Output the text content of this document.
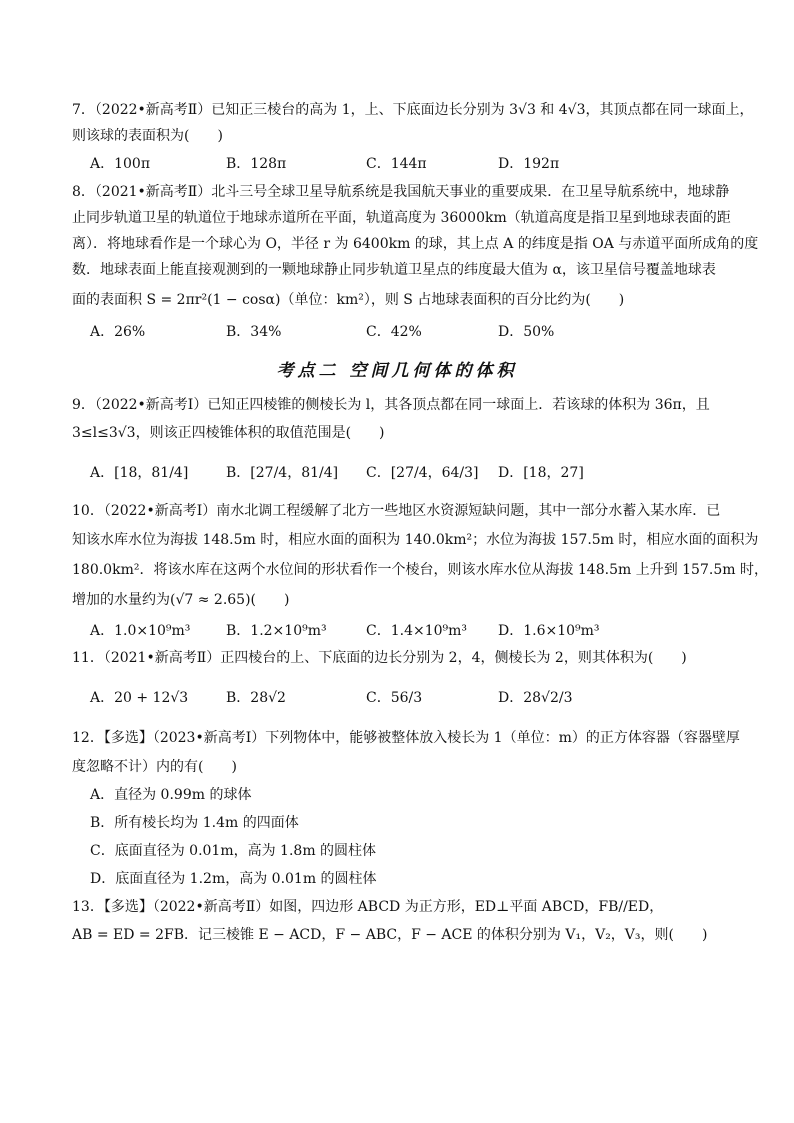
7．（2022•新高考Ⅱ）已知正三棱台的高为 1，上、下底面边长分别为 3√3 和 4√3，其顶点都在同一球面上，
则该球的表面积为(　　)
A．100π	B．128π	C．144π	D．192π
8．（2021•新高考Ⅱ）北斗三号全球卫星导航系统是我国航天事业的重要成果．在卫星导航系统中，地球静
止同步轨道卫星的轨道位于地球赤道所在平面，轨道高度为 36000km（轨道高度是指卫星到地球表面的距
离）．将地球看作是一个球心为 O，半径 r 为 6400km 的球，其上点 A 的纬度是指 OA 与赤道平面所成角的度
数．地球表面上能直接观测到的一颗地球静止同步轨道卫星点的纬度最大值为 α，该卫星信号覆盖地球表
面的表面积 S = 2πr²(1 − cosα)（单位：km²），则 S 占地球表面积的百分比约为(　　)
A．26%	B．34%	C．42%	D．50%
考点二 空间几何体的体积
9．（2022•新高考Ⅰ）已知正四棱锥的侧棱长为 l，其各顶点都在同一球面上．若该球的体积为 36π，且
3≤l≤3√3，则该正四棱锥体积的取值范围是(　　)
A．[18，81/4]	B．[27/4，81/4] C．[27/4，64/3] D．[18，27]
10．（2022•新高考Ⅰ）南水北调工程缓解了北方一些地区水资源短缺问题，其中一部分水蓄入某水库．已
知该水库水位为海拔 148.5m 时，相应水面的面积为 140.0km²；水位为海拔 157.5m 时，相应水面的面积为
180.0km²．将该水库在这两个水位间的形状看作一个棱台，则该水库水位从海拔 148.5m 上升到 157.5m 时，
增加的水量约为(√7 ≈ 2.65)(　　)
A．1.0×10⁹m³	B．1.2×10⁹m³	C．1.4×10⁹m³ D．1.6×10⁹m³
11．（2021•新高考Ⅱ）正四棱台的上、下底面的边长分别为 2，4，侧棱长为 2，则其体积为(　　)
A．20 + 12√3	B．28√2	C．56/3	D．28√2/3
12．【多选】（2023•新高考Ⅰ）下列物体中，能够被整体放入棱长为 1（单位：m）的正方体容器（容器壁厚
度忽略不计）内的有(　　)
A．直径为 0.99m 的球体
B．所有棱长均为 1.4m 的四面体
C．底面直径为 0.01m，高为 1.8m 的圆柱体
D．底面直径为 1.2m，高为 0.01m 的圆柱体
13．【多选】（2022•新高考Ⅱ）如图，四边形 ABCD 为正方形，ED⊥平面 ABCD，FB//ED，
AB = ED = 2FB．记三棱锥 E − ACD，F − ABC，F − ACE 的体积分别为 V₁，V₂，V₃，则(　　)
